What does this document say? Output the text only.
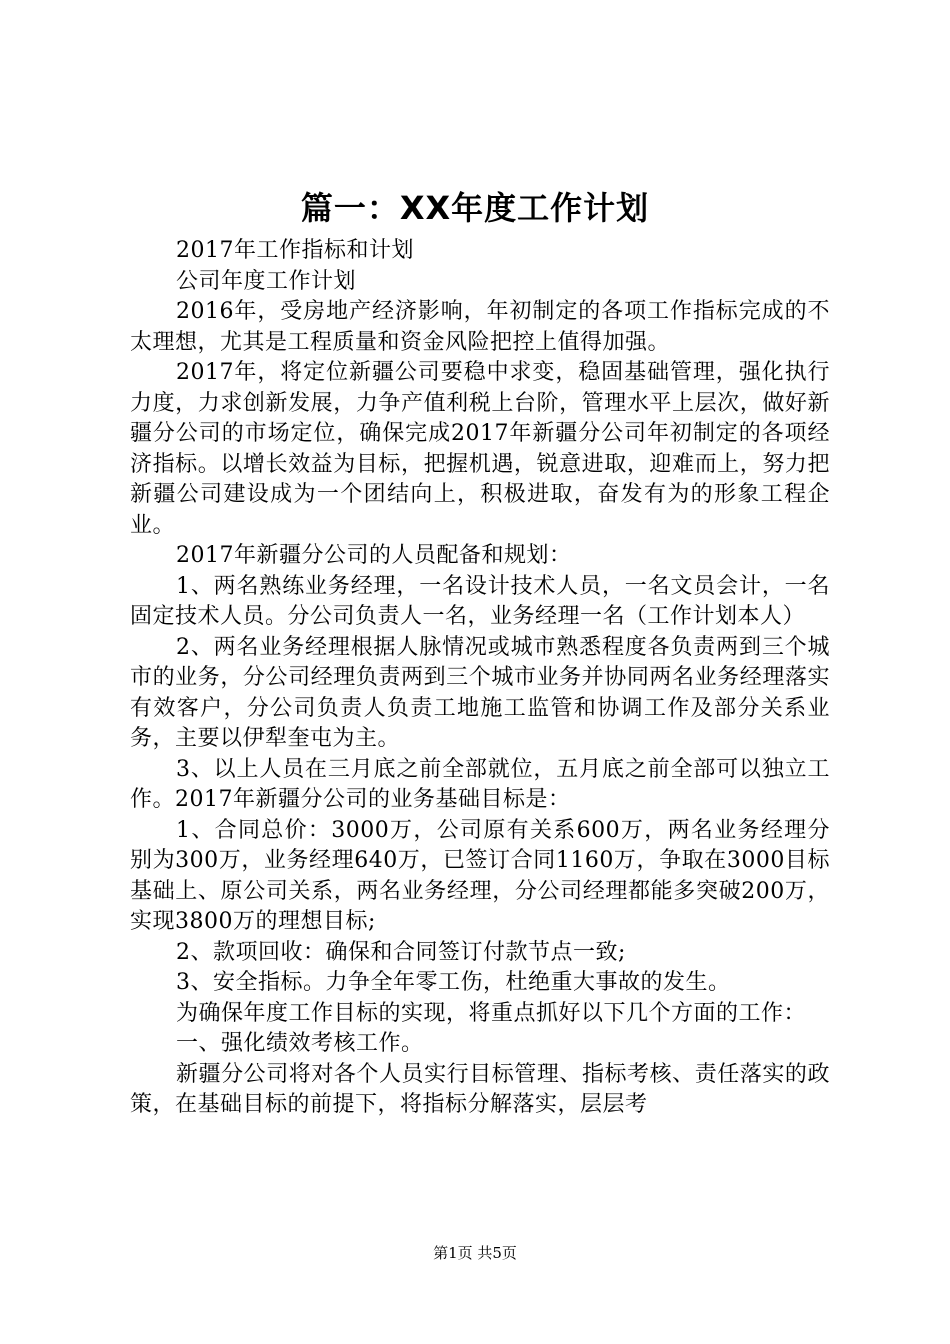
篇一：XX年度工作计划

2017年工作指标和计划

公司年度工作计划

2016年，受房地产经济影响，年初制定的各项工作指标完成的不太理想，尤其是工程质量和资金风险把控上值得加强。

2017年，将定位新疆公司要稳中求变，稳固基础管理，强化执行力度，力求创新发展，力争产值利税上台阶，管理水平上层次，做好新疆分公司的市场定位，确保完成2017年新疆分公司年初制定的各项经济指标。以增长效益为目标，把握机遇，锐意进取，迎难而上，努力把新疆公司建设成为一个团结向上，积极进取，奋发有为的形象工程企业。

2017年新疆分公司的人员配备和规划：

1、两名熟练业务经理，一名设计技术人员，一名文员会计，一名固定技术人员。分公司负责人一名，业务经理一名（工作计划本人）

2、两名业务经理根据人脉情况或城市熟悉程度各负责两到三个城市的业务，分公司经理负责两到三个城市业务并协同两名业务经理落实有效客户，分公司负责人负责工地施工监管和协调工作及部分关系业务，主要以伊犁奎屯为主。

3、以上人员在三月底之前全部就位，五月底之前全部可以独立工作。2017年新疆分公司的业务基础目标是：

1、合同总价：3000万，公司原有关系600万，两名业务经理分别为300万，业务经理640万，已签订合同1160万，争取在3000目标基础上、原公司关系，两名业务经理，分公司经理都能多突破200万，实现3800万的理想目标;

2、款项回收：确保和合同签订付款节点一致;

3、安全指标。力争全年零工伤，杜绝重大事故的发生。

为确保年度工作目标的实现，将重点抓好以下几个方面的工作：

一、强化绩效考核工作。

新疆分公司将对各个人员实行目标管理、指标考核、责任落实的政策，在基础目标的前提下，将指标分解落实，层层考

第1页 共5页
